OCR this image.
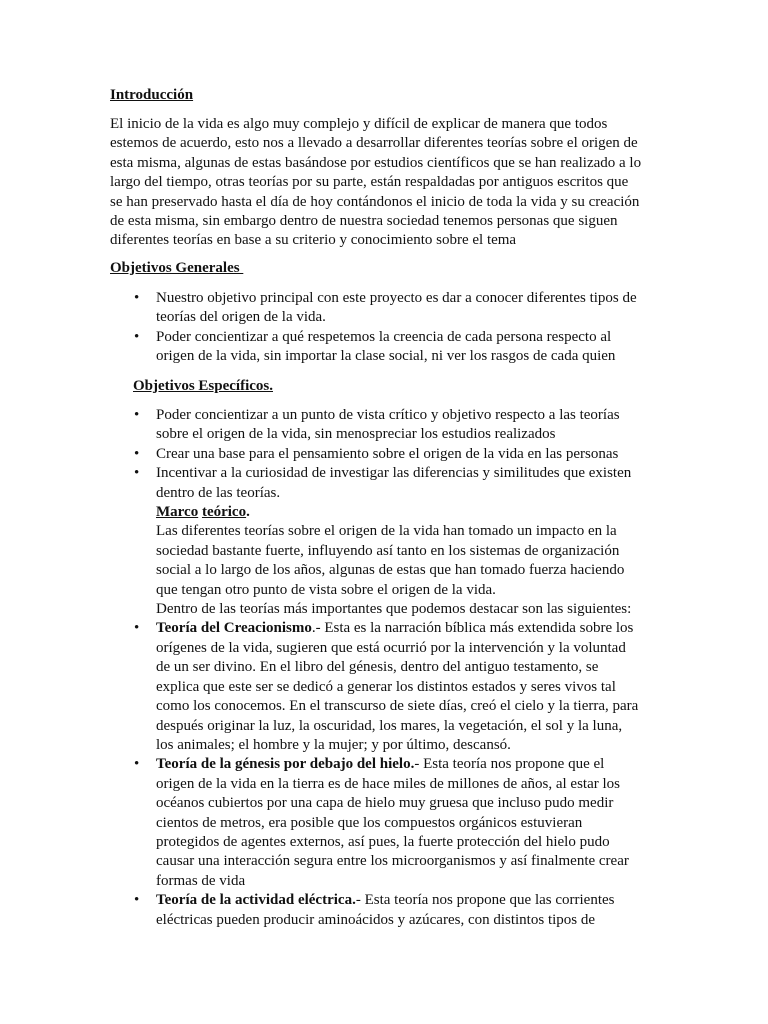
Introducción
El inicio de la vida es algo muy complejo y difícil de explicar de manera que todos
estemos de acuerdo, esto nos a llevado a desarrollar diferentes teorías sobre el origen de
esta misma, algunas de estas basándose por estudios científicos que se han realizado a lo
largo del tiempo, otras teorías por su parte, están respaldadas por antiguos escritos que
se han preservado hasta el día de hoy contándonos el inicio de toda la vida y su creación
de esta misma, sin embargo dentro de nuestra sociedad tenemos personas que siguen
diferentes teorías en base a su criterio y conocimiento sobre el tema
Objetivos Generales
• Nuestro objetivo principal con este proyecto es dar a conocer diferentes tipos de
teorías del origen de la vida.
• Poder concientizar a qué respetemos la creencia de cada persona respecto al
origen de la vida, sin importar la clase social, ni ver los rasgos de cada quien
Objetivos Específicos.
• Poder concientizar a un punto de vista crítico y objetivo respecto a las teorías
sobre el origen de la vida, sin menospreciar los estudios realizados
• Crear una base para el pensamiento sobre el origen de la vida en las personas
• Incentivar a la curiosidad de investigar las diferencias y similitudes que existen
dentro de las teorías.
Marco teórico.
Las diferentes teorías sobre el origen de la vida han tomado un impacto en la
sociedad bastante fuerte, influyendo así tanto en los sistemas de organización
social a lo largo de los años, algunas de estas que han tomado fuerza haciendo
que tengan otro punto de vista sobre el origen de la vida.
Dentro de las teorías más importantes que podemos destacar son las siguientes:
• Teoría del Creacionismo.- Esta es la narración bíblica más extendida sobre los
orígenes de la vida, sugieren que está ocurrió por la intervención y la voluntad
de un ser divino. En el libro del génesis, dentro del antiguo testamento, se
explica que este ser se dedicó a generar los distintos estados y seres vivos tal
como los conocemos. En el transcurso de siete días, creó el cielo y la tierra, para
después originar la luz, la oscuridad, los mares, la vegetación, el sol y la luna,
los animales; el hombre y la mujer; y por último, descansó.
• Teoría de la génesis por debajo del hielo.- Esta teoría nos propone que el
origen de la vida en la tierra es de hace miles de millones de años, al estar los
océanos cubiertos por una capa de hielo muy gruesa que incluso pudo medir
cientos de metros, era posible que los compuestos orgánicos estuvieran
protegidos de agentes externos, así pues, la fuerte protección del hielo pudo
causar una interacción segura entre los microorganismos y así finalmente crear
formas de vida
• Teoría de la actividad eléctrica.- Esta teoría nos propone que las corrientes
eléctricas pueden producir aminoácidos y azúcares, con distintos tipos de
